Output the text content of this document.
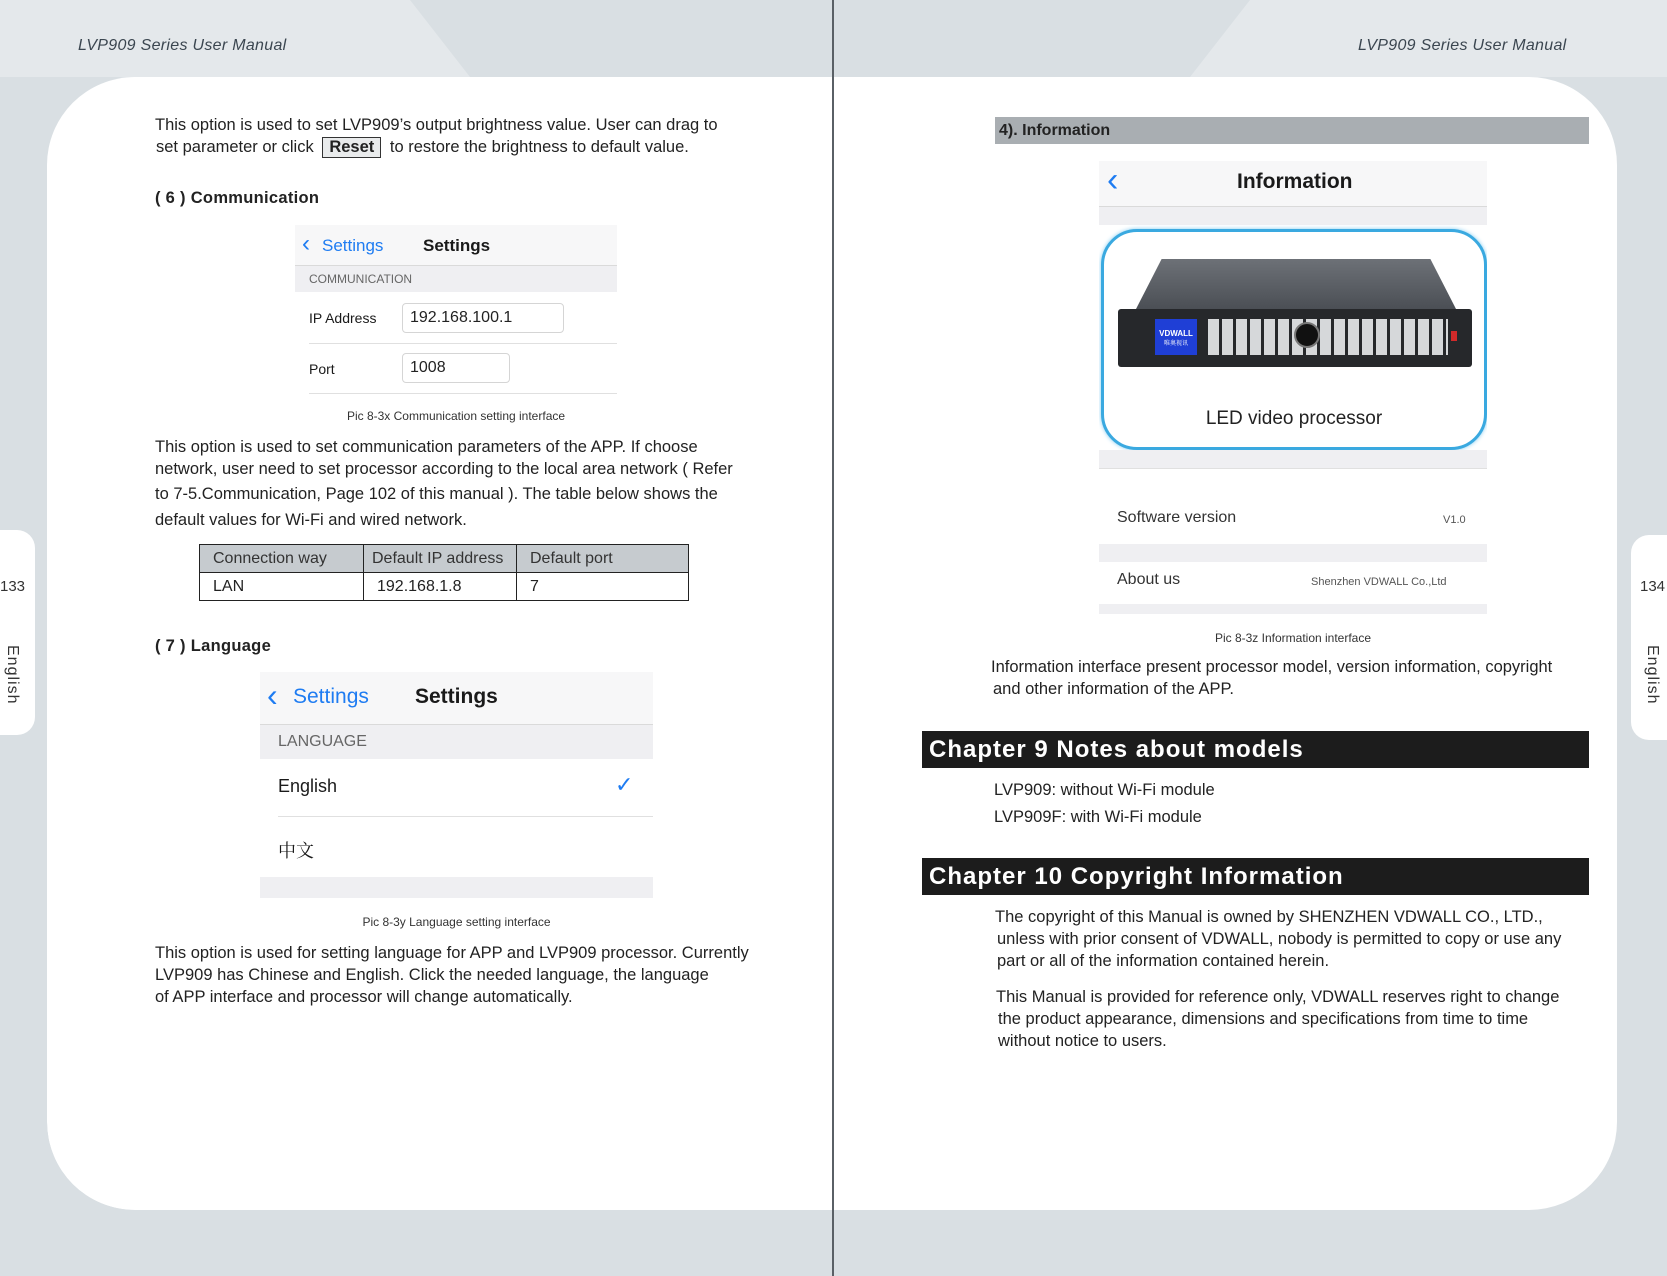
LVP909 Series User Manual	LVP909 Series User Manual
133
English
134
English
This option is used to set LVP909’s output brightness value. User can drag to
set parameter or click Reset to restore the brightness to default value.
( 6 ) Communication
‹ Settings Settings
COMMUNICATION
IP Address	192.168.100.1
Port	1008
Pic 8-3x Communication setting interface
This option is used to set communication parameters of the APP. If choose
network, user need to set processor according to the local area network ( Refer
to 7-5.Communication, Page 102 of this manual ). The table below shows the
default values for Wi-Fi and wired network.
Connection way	Default IP address	Default port
LAN	192.168.1.8	7
( 7 ) Language
‹ Settings Settings
LANGUAGE
English	✓
中文
Pic 8-3y Language setting interface
This option is used for setting language for APP and LVP909 processor. Currently
LVP909 has Chinese and English. Click the needed language, the language
of APP interface and processor will change automatically.
4). Information
‹	Information
VDWALL
唯奥视讯
LED video processor
Software version	V1.0
About us	Shenzhen VDWALL Co.,Ltd
Pic 8-3z Information interface
Information interface present processor model, version information, copyright
and other information of the APP.
Chapter 9 Notes about models
LVP909: without Wi-Fi module
LVP909F: with Wi-Fi module
Chapter 10 Copyright Information
The copyright of this Manual is owned by SHENZHEN VDWALL CO., LTD.,
unless with prior consent of VDWALL, nobody is permitted to copy or use any
part or all of the information contained herein.
This Manual is provided for reference only, VDWALL reserves right to change
the product appearance, dimensions and specifications from time to time
without notice to users.
